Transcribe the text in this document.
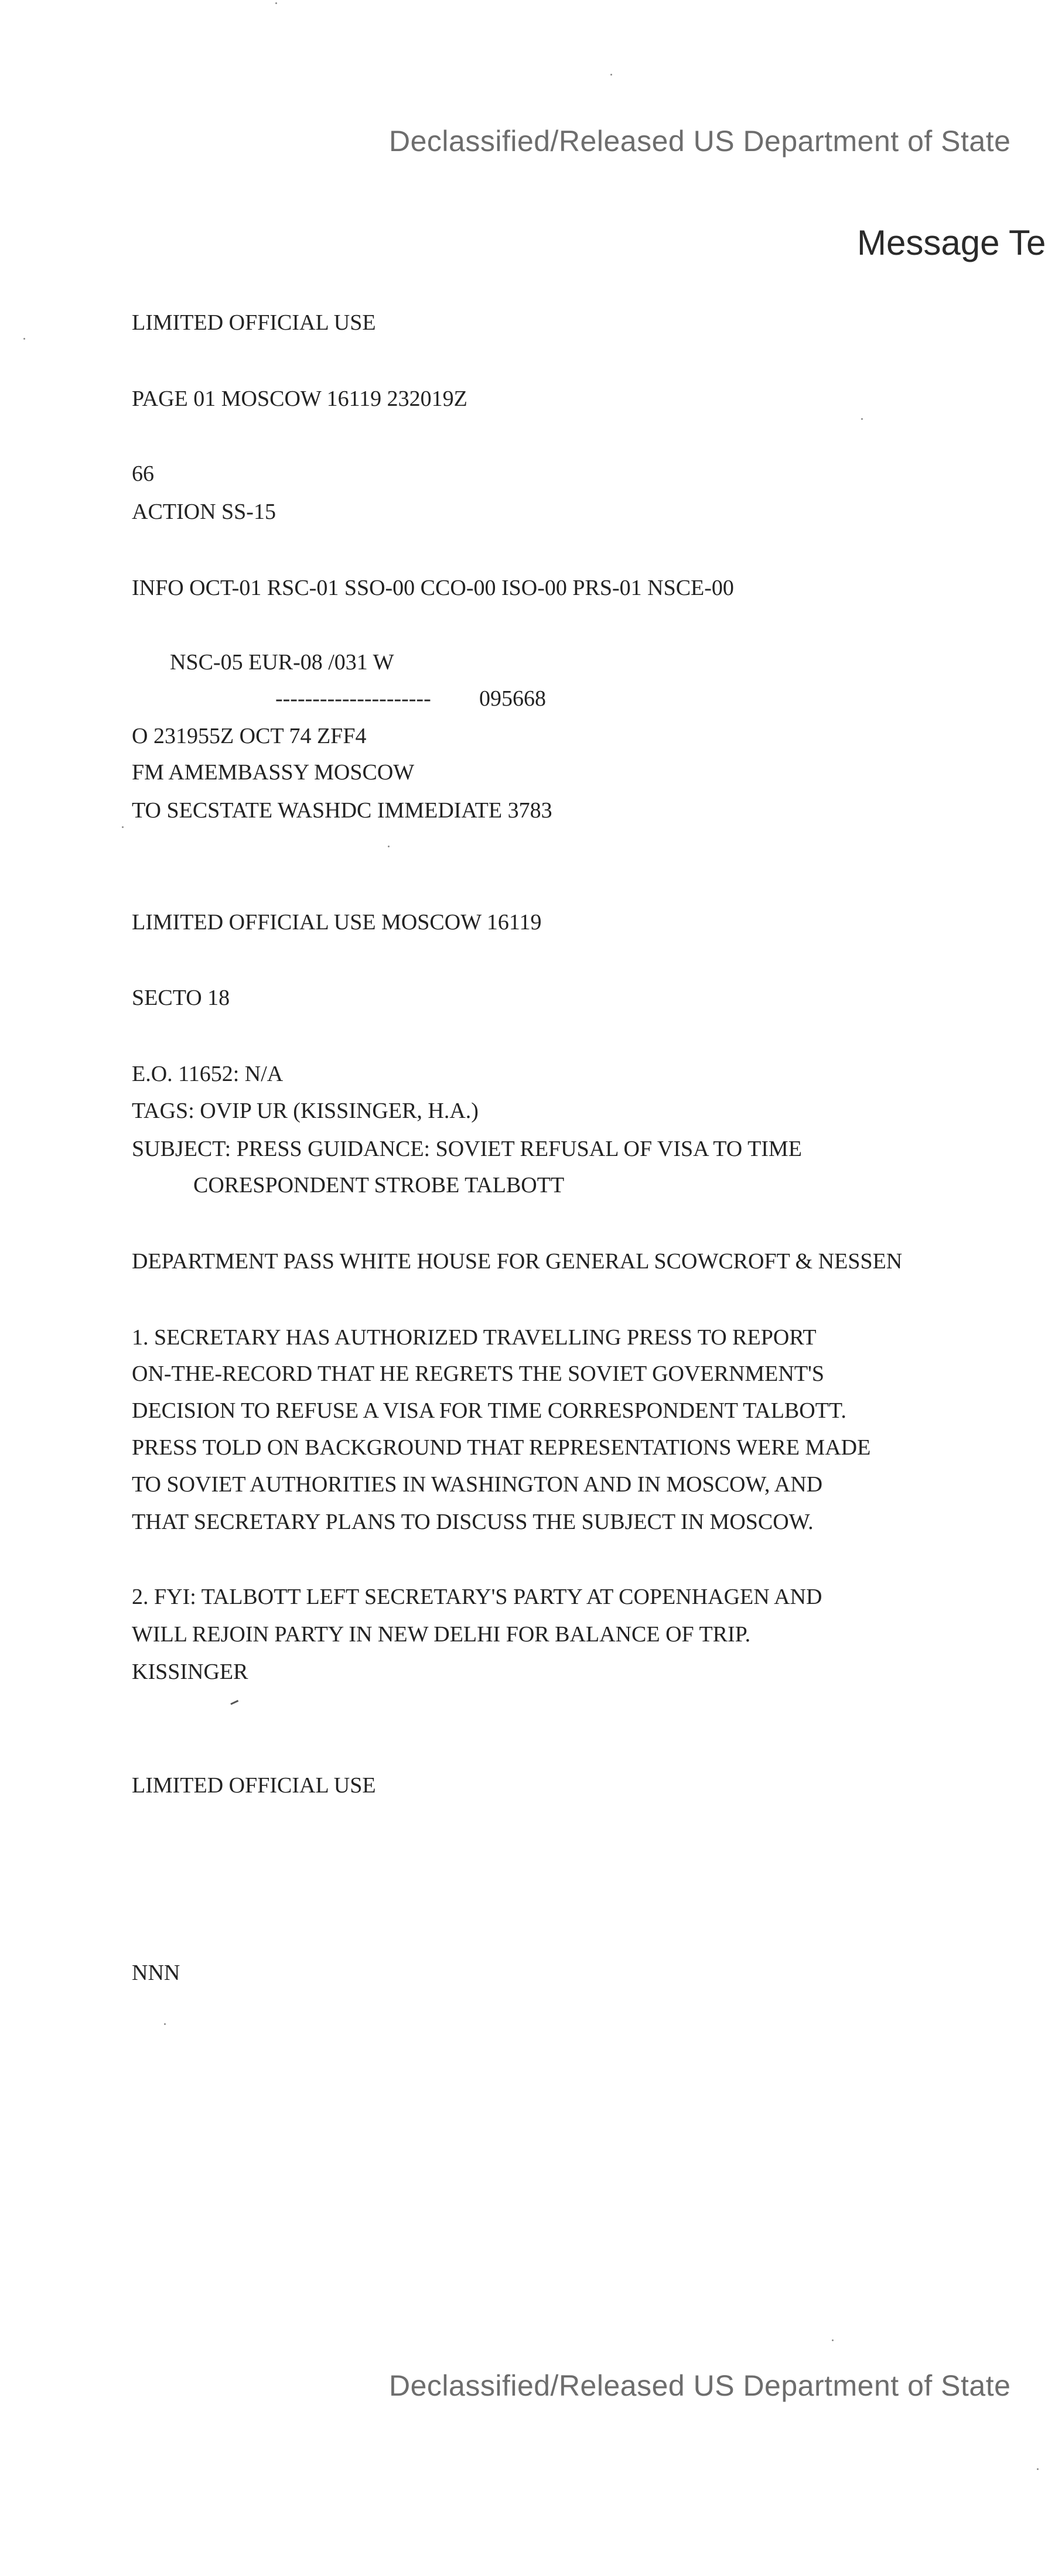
Declassified/Released US Department of State
Message Te
LIMITED OFFICIAL USE
PAGE 01 MOSCOW 16119 232019Z
66
ACTION SS-15
INFO OCT-01 RSC-01 SSO-00 CCO-00 ISO-00 PRS-01 NSCE-00
NSC-05 EUR-08 /031 W
--------------------- 095668
O 231955Z OCT 74 ZFF4
FM AMEMBASSY MOSCOW
TO SECSTATE WASHDC IMMEDIATE 3783
LIMITED OFFICIAL USE MOSCOW 16119
SECTO 18
E.O. 11652: N/A
TAGS: OVIP UR (KISSINGER, H.A.)
SUBJECT: PRESS GUIDANCE: SOVIET REFUSAL OF VISA TO TIME
CORESPONDENT STROBE TALBOTT
DEPARTMENT PASS WHITE HOUSE FOR GENERAL SCOWCROFT & NESSEN
1. SECRETARY HAS AUTHORIZED TRAVELLING PRESS TO REPORT
ON-THE-RECORD THAT HE REGRETS THE SOVIET GOVERNMENT'S
DECISION TO REFUSE A VISA FOR TIME CORRESPONDENT TALBOTT.
PRESS TOLD ON BACKGROUND THAT REPRESENTATIONS WERE MADE
TO SOVIET AUTHORITIES IN WASHINGTON AND IN MOSCOW, AND
THAT SECRETARY PLANS TO DISCUSS THE SUBJECT IN MOSCOW.
2. FYI: TALBOTT LEFT SECRETARY'S PARTY AT COPENHAGEN AND
WILL REJOIN PARTY IN NEW DELHI FOR BALANCE OF TRIP.
KISSINGER
LIMITED OFFICIAL USE
NNN
Declassified/Released US Department of State
